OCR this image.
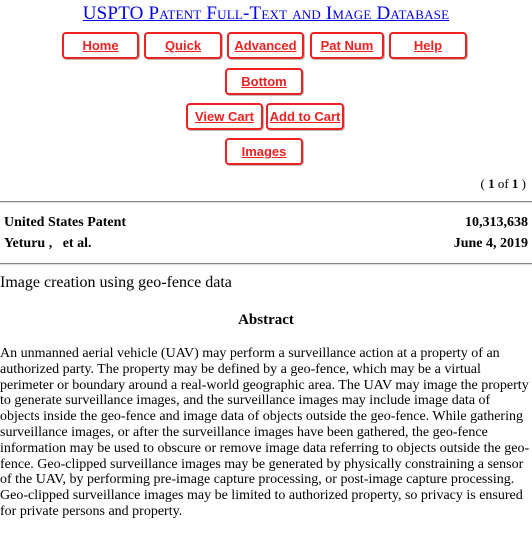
USPTO Patent Full-Text and Image Database
Home	Quick	Advanced	Pat Num	Help
Bottom
View Cart	Add to Cart
Images
( 1 of 1 )
United States Patent	10,313,638
Yeturu ,   et al.	June 4, 2019
Image creation using geo-fence data
Abstract
An unmanned aerial vehicle (UAV) may perform a surveillance action at a property of an authorized party. The property may be defined by a geo-fence, which may be a virtual perimeter or boundary around a real-world geographic area. The UAV may image the property to generate surveillance images, and the surveillance images may include image data of objects inside the geo-fence and image data of objects outside the geo-fence. While gathering surveillance images, or after the surveillance images have been gathered, the geo-fence information may be used to obscure or remove image data referring to objects outside the geo-fence. Geo-clipped surveillance images may be generated by physically constraining a sensor of the UAV, by performing pre-image capture processing, or post-image capture processing. Geo-clipped surveillance images may be limited to authorized property, so privacy is ensured for private persons and property.
